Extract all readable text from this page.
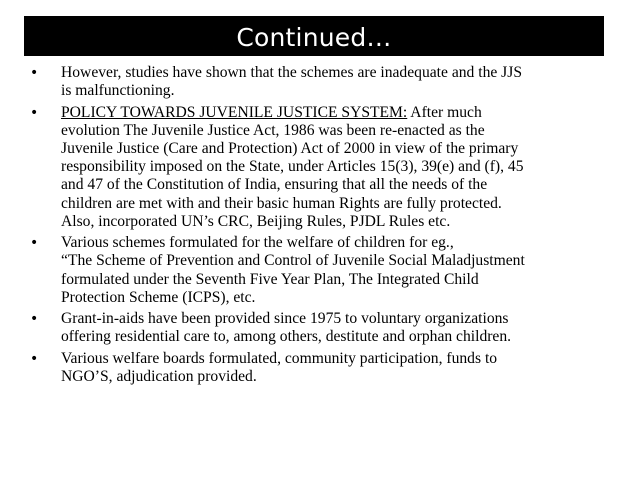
Continued…
• However, studies have shown that the schemes are inadequate and the JJS
is malfunctioning.
• POLICY TOWARDS JUVENILE JUSTICE SYSTEM: After much
evolution The Juvenile Justice Act, 1986 was been re-enacted as the
Juvenile Justice (Care and Protection) Act of 2000 in view of the primary
responsibility imposed on the State, under Articles 15(3), 39(e) and (f), 45
and 47 of the Constitution of India, ensuring that all the needs of the
children are met with and their basic human Rights are fully protected.
Also, incorporated UN’s CRC, Beijing Rules, PJDL Rules etc.
• Various schemes formulated for the welfare of children for eg.,
“The Scheme of Prevention and Control of Juvenile Social Maladjustment
formulated under the Seventh Five Year Plan, The Integrated Child
Protection Scheme (ICPS), etc.
• Grant-in-aids have been provided since 1975 to voluntary organizations
offering residential care to, among others, destitute and orphan children.
• Various welfare boards formulated, community participation, funds to
NGO’S, adjudication provided.
